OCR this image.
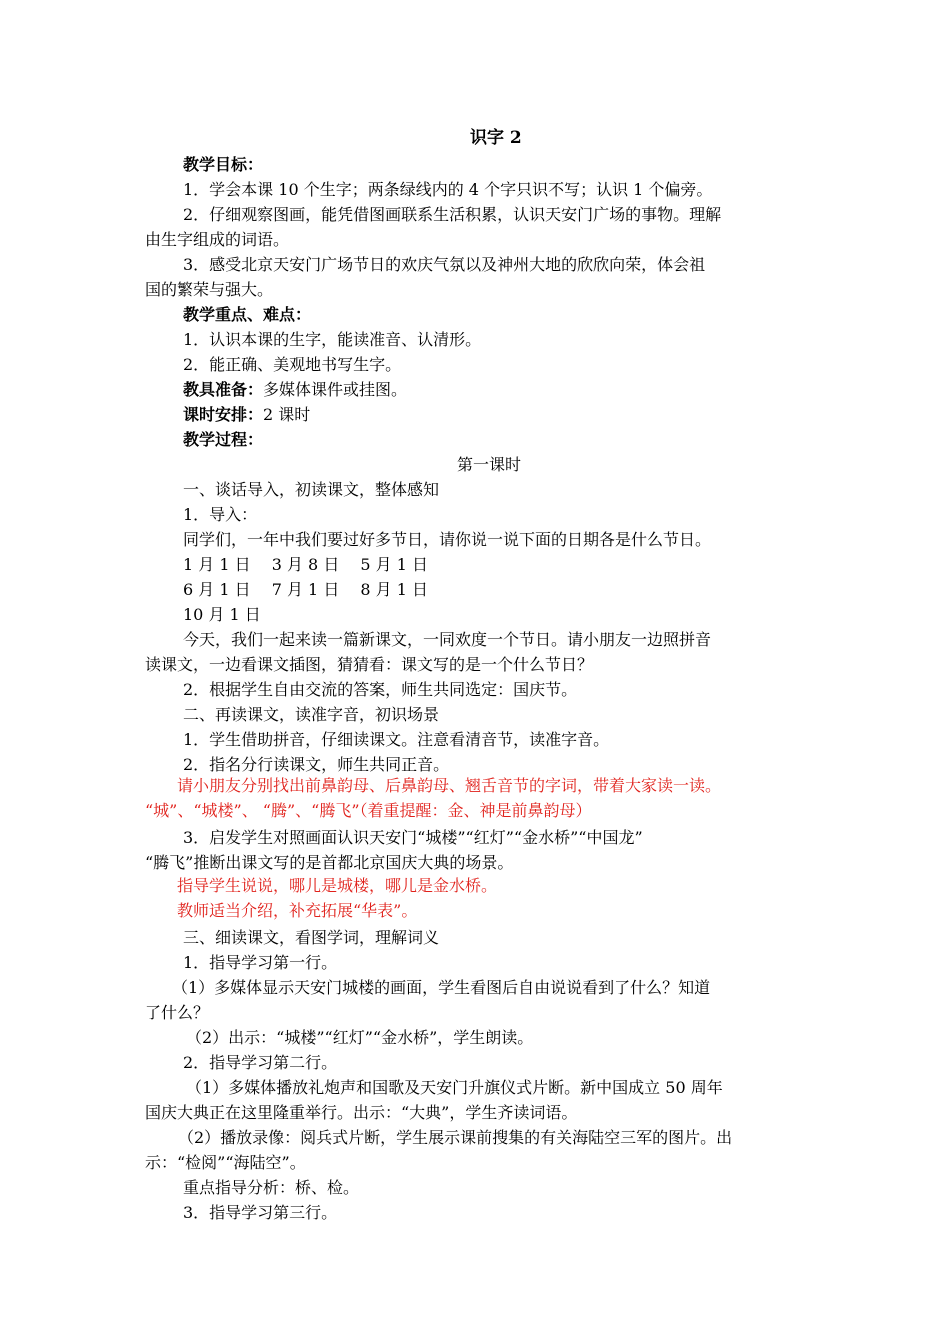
识字 2
教学目标：
1．学会本课 10 个生字；两条绿线内的 4 个字只识不写；认识 1 个偏旁。
2．仔细观察图画，能凭借图画联系生活积累，认识天安门广场的事物。理解
由生字组成的词语。
3．感受北京天安门广场节日的欢庆气氛以及神州大地的欣欣向荣，体会祖
国的繁荣与强大。
教学重点、难点：
1．认识本课的生字，能读准音、认清形。
2．能正确、美观地书写生字。
教具准备：多媒体课件或挂图。
课时安排：2 课时
教学过程：
第一课时
一、谈话导入，初读课文，整体感知
1．导入：
同学们，一年中我们要过好多节日，请你说一说下面的日期各是什么节日。
1 月 1 日　 3 月 8 日　 5 月 1 日
6 月 1 日　 7 月 1 日　 8 月 1 日
10 月 1 日
今天，我们一起来读一篇新课文，一同欢度一个节日。请小朋友一边照拼音
读课文，一边看课文插图，猜猜看：课文写的是一个什么节日？
2．根据学生自由交流的答案，师生共同选定：国庆节。
二、再读课文，读准字音，初识场景
1．学生借助拼音，仔细读课文。注意看清音节，读准字音。
2．指名分行读课文，师生共同正音。
请小朋友分别找出前鼻韵母、后鼻韵母、翘舌音节的字词，带着大家读一读。
“城”、“城楼”、 “腾”、“腾飞”（着重提醒：金、神是前鼻韵母）
3．启发学生对照画面认识天安门“城楼”“红灯”“金水桥”“中国龙”
“腾飞”推断出课文写的是首都北京国庆大典的场景。
指导学生说说，哪儿是城楼，哪儿是金水桥。
教师适当介绍，补充拓展“华表”。
三、细读课文，看图学词，理解词义
1．指导学习第一行。
（1）多媒体显示天安门城楼的画面，学生看图后自由说说看到了什么？知道
了什么？
（2）出示：“城楼”“红灯”“金水桥”，学生朗读。
2．指导学习第二行。
（1）多媒体播放礼炮声和国歌及天安门升旗仪式片断。新中国成立 50 周年
国庆大典正在这里隆重举行。出示：“大典”，学生齐读词语。
（2）播放录像：阅兵式片断，学生展示课前搜集的有关海陆空三军的图片。出
示：“检阅”“海陆空”。
重点指导分析：桥、检。
3．指导学习第三行。
